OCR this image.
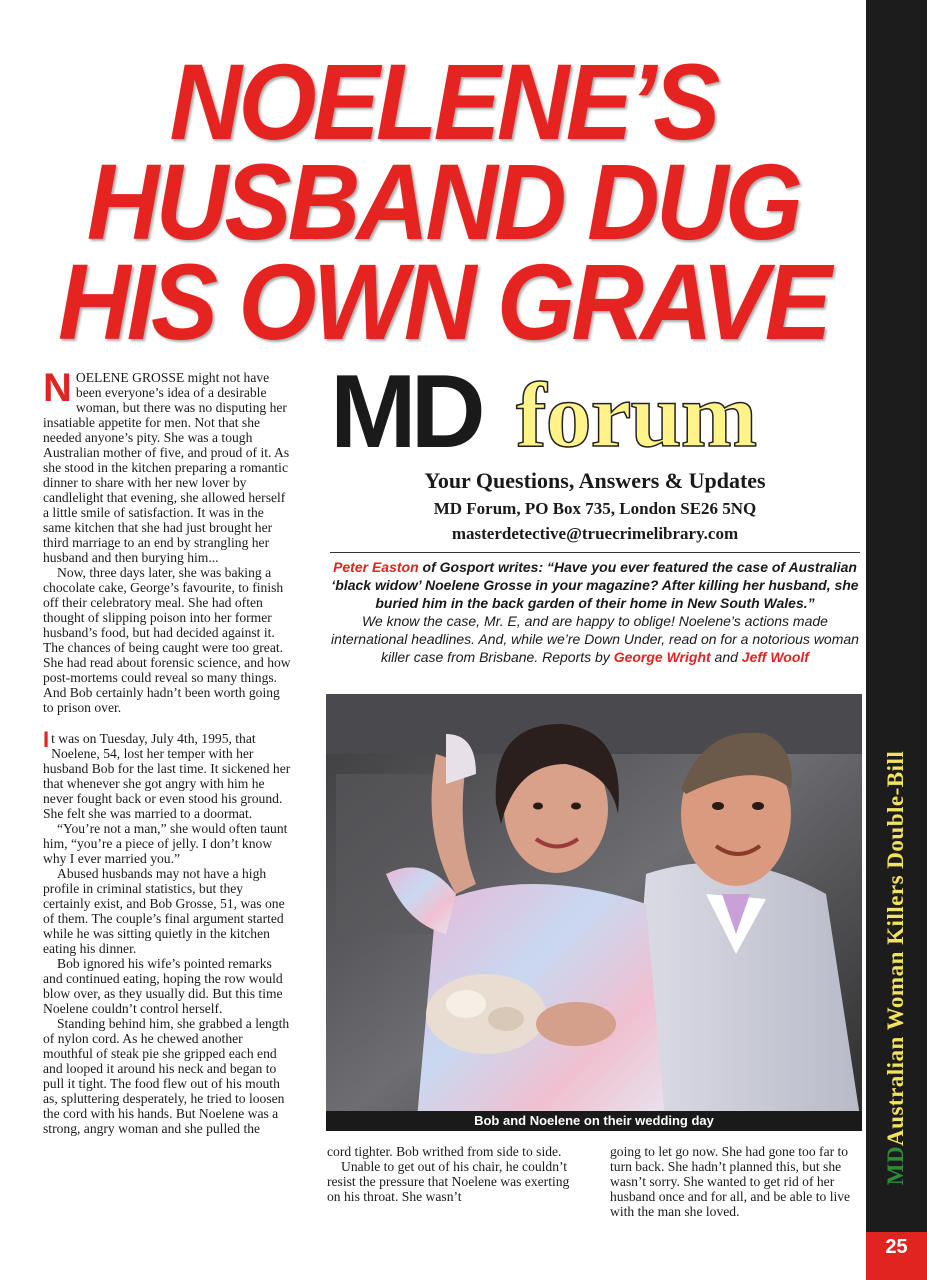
MDAustralian Woman Killers Double-Bill
25
NOELENE’S
HUSBAND DUG
HIS OWN GRAVE

NOELENE GROSSE might not have been everyone’s idea of a desirable woman, but there was no disputing her insatiable appetite for men. Not that she needed anyone’s pity. She was a tough Australian mother of five, and proud of it. As she stood in the kitchen preparing a romantic dinner to share with her new lover by candlelight that evening, she allowed herself a little smile of satisfaction. It was in the same kitchen that she had just brought her third marriage to an end by strangling her husband and then burying him...

Now, three days later, she was baking a chocolate cake, George’s favourite, to finish off their celebratory meal. She had often thought of slipping poison into her former husband’s food, but had decided against it. The chances of being caught were too great. She had read about forensic science, and how post-mortems could reveal so many things. And Bob certainly hadn’t been worth going to prison over.

It was on Tuesday, July 4th, 1995, that Noelene, 54, lost her temper with her husband Bob for the last time. It sickened her that whenever she got angry with him he never fought back or even stood his ground. She felt she was married to a doormat.

“You’re not a man,” she would often taunt him, “you’re a piece of jelly. I don’t know why I ever married you.”

Abused husbands may not have a high profile in criminal statistics, but they certainly exist, and Bob Grosse, 51, was one of them. The couple’s final argument started while he was sitting quietly in the kitchen eating his dinner.

Bob ignored his wife’s pointed remarks and continued eating, hoping the row would blow over, as they usually did. But this time Noelene couldn’t control herself.

Standing behind him, she grabbed a length of nylon cord. As he chewed another mouthful of steak pie she gripped each end and looped it around his neck and began to pull it tight. The food flew out of his mouth as, spluttering desperately, he tried to loosen the cord with his hands. But Noelene was a strong, angry woman and she pulled the

MD forum
Your Questions, Answers & Updates
MD Forum, PO Box 735, London SE26 5NQ
masterdetective@truecrimelibrary.com
Peter Easton of Gosport writes: “Have you ever featured the case of Australian ‘black widow’ Noelene Grosse in your magazine? After killing her husband, she buried him in the back garden of their home in New South Wales.”
We know the case, Mr. E, and are happy to oblige! Noelene’s actions made international headlines. And, while we’re Down Under, read on for a notorious woman killer case from Brisbane. Reports by George Wright and Jeff Woolf
Bob and Noelene on their wedding day

cord tighter. Bob writhed from side to side.

Unable to get out of his chair, he couldn’t resist the pressure that Noelene was exerting on his throat. She wasn’t

going to let go now. She had gone too far to turn back. She hadn’t planned this, but she wasn’t sorry. She wanted to get rid of her husband once and for all, and be able to live with the man she loved.
